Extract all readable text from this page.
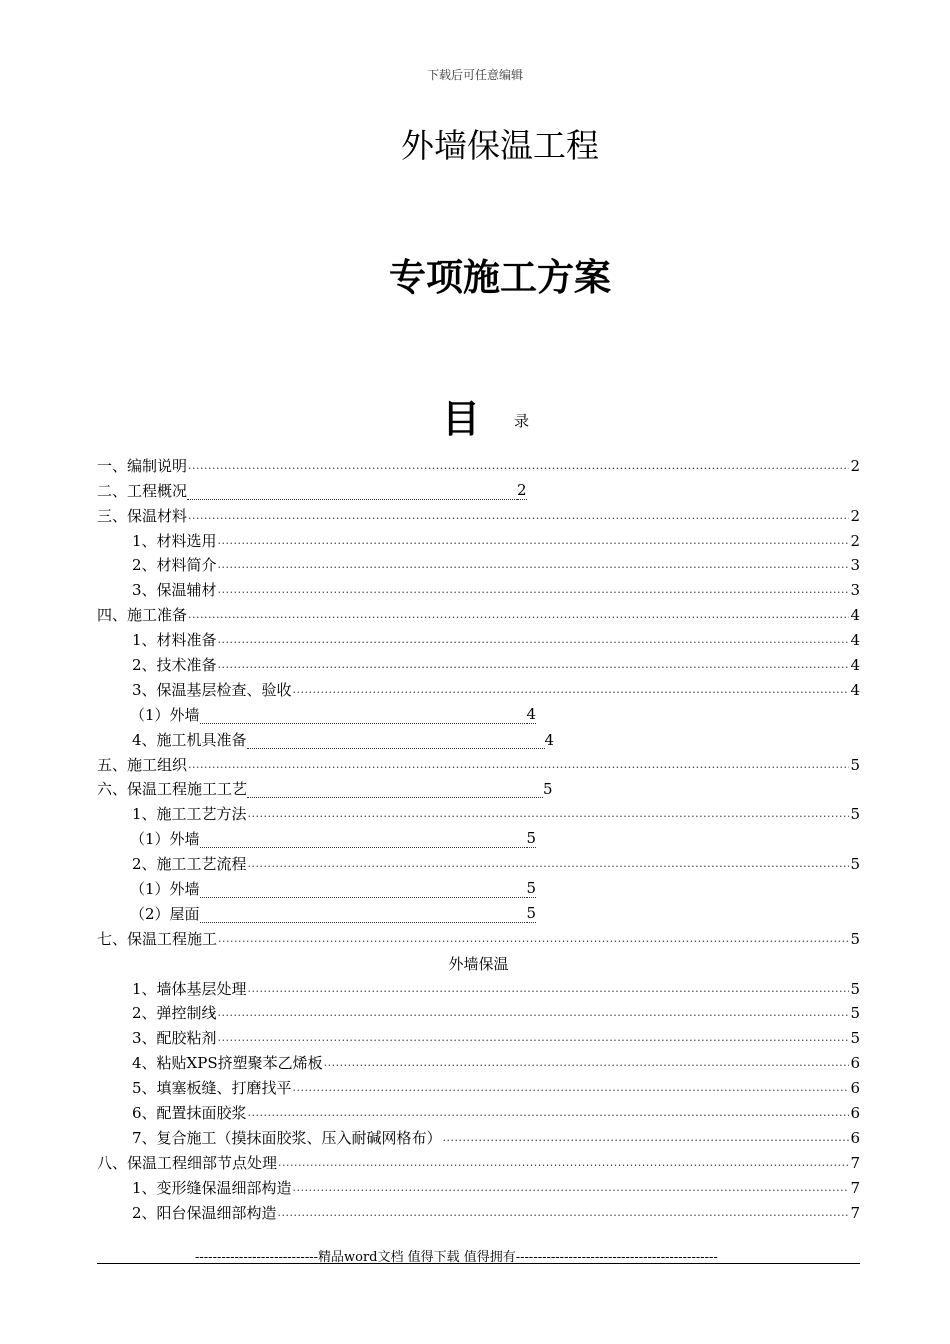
下载后可任意编辑
外墙保温工程
专项施工方案
目 录
一、编制说明 .....	2
二、工程概况	2
三、保温材料 .....	2
1、材料选用 .....	2
2、材料简介 .....	3
3、保温辅材 .....	3
四、施工准备 .....	4
1、材料准备 .....	4
2、技术准备 .....	4
3、保温基层检查、验收 .....	4
（1）外墙	4
4、施工机具准备	4
五、施工组织 .....	5
六、保温工程施工工艺	5
1、施工工艺方法 .....	5
（1）外墙	5
2、施工工艺流程 .....	5
（1）外墙	5
（2）屋面	5
七、保温工程施工 .....	5
外墙保温
1、墙体基层处理 .....	5
2、弹控制线 .....	5
3、配胶粘剂 .....	5
4、粘贴XPS挤塑聚苯乙烯板 .....	6
5、填塞板缝、打磨找平 .....	6
6、配置抹面胶浆 .....	6
7、复合施工（摸抹面胶浆、压入耐碱网格布） .....	6
八、保温工程细部节点处理 .....	7
1、变形缝保温细部构造 .....	7
2、阳台保温细部构造 .....	7
----------------------------精品word文档 值得下载 值得拥有----------------------------------------------
